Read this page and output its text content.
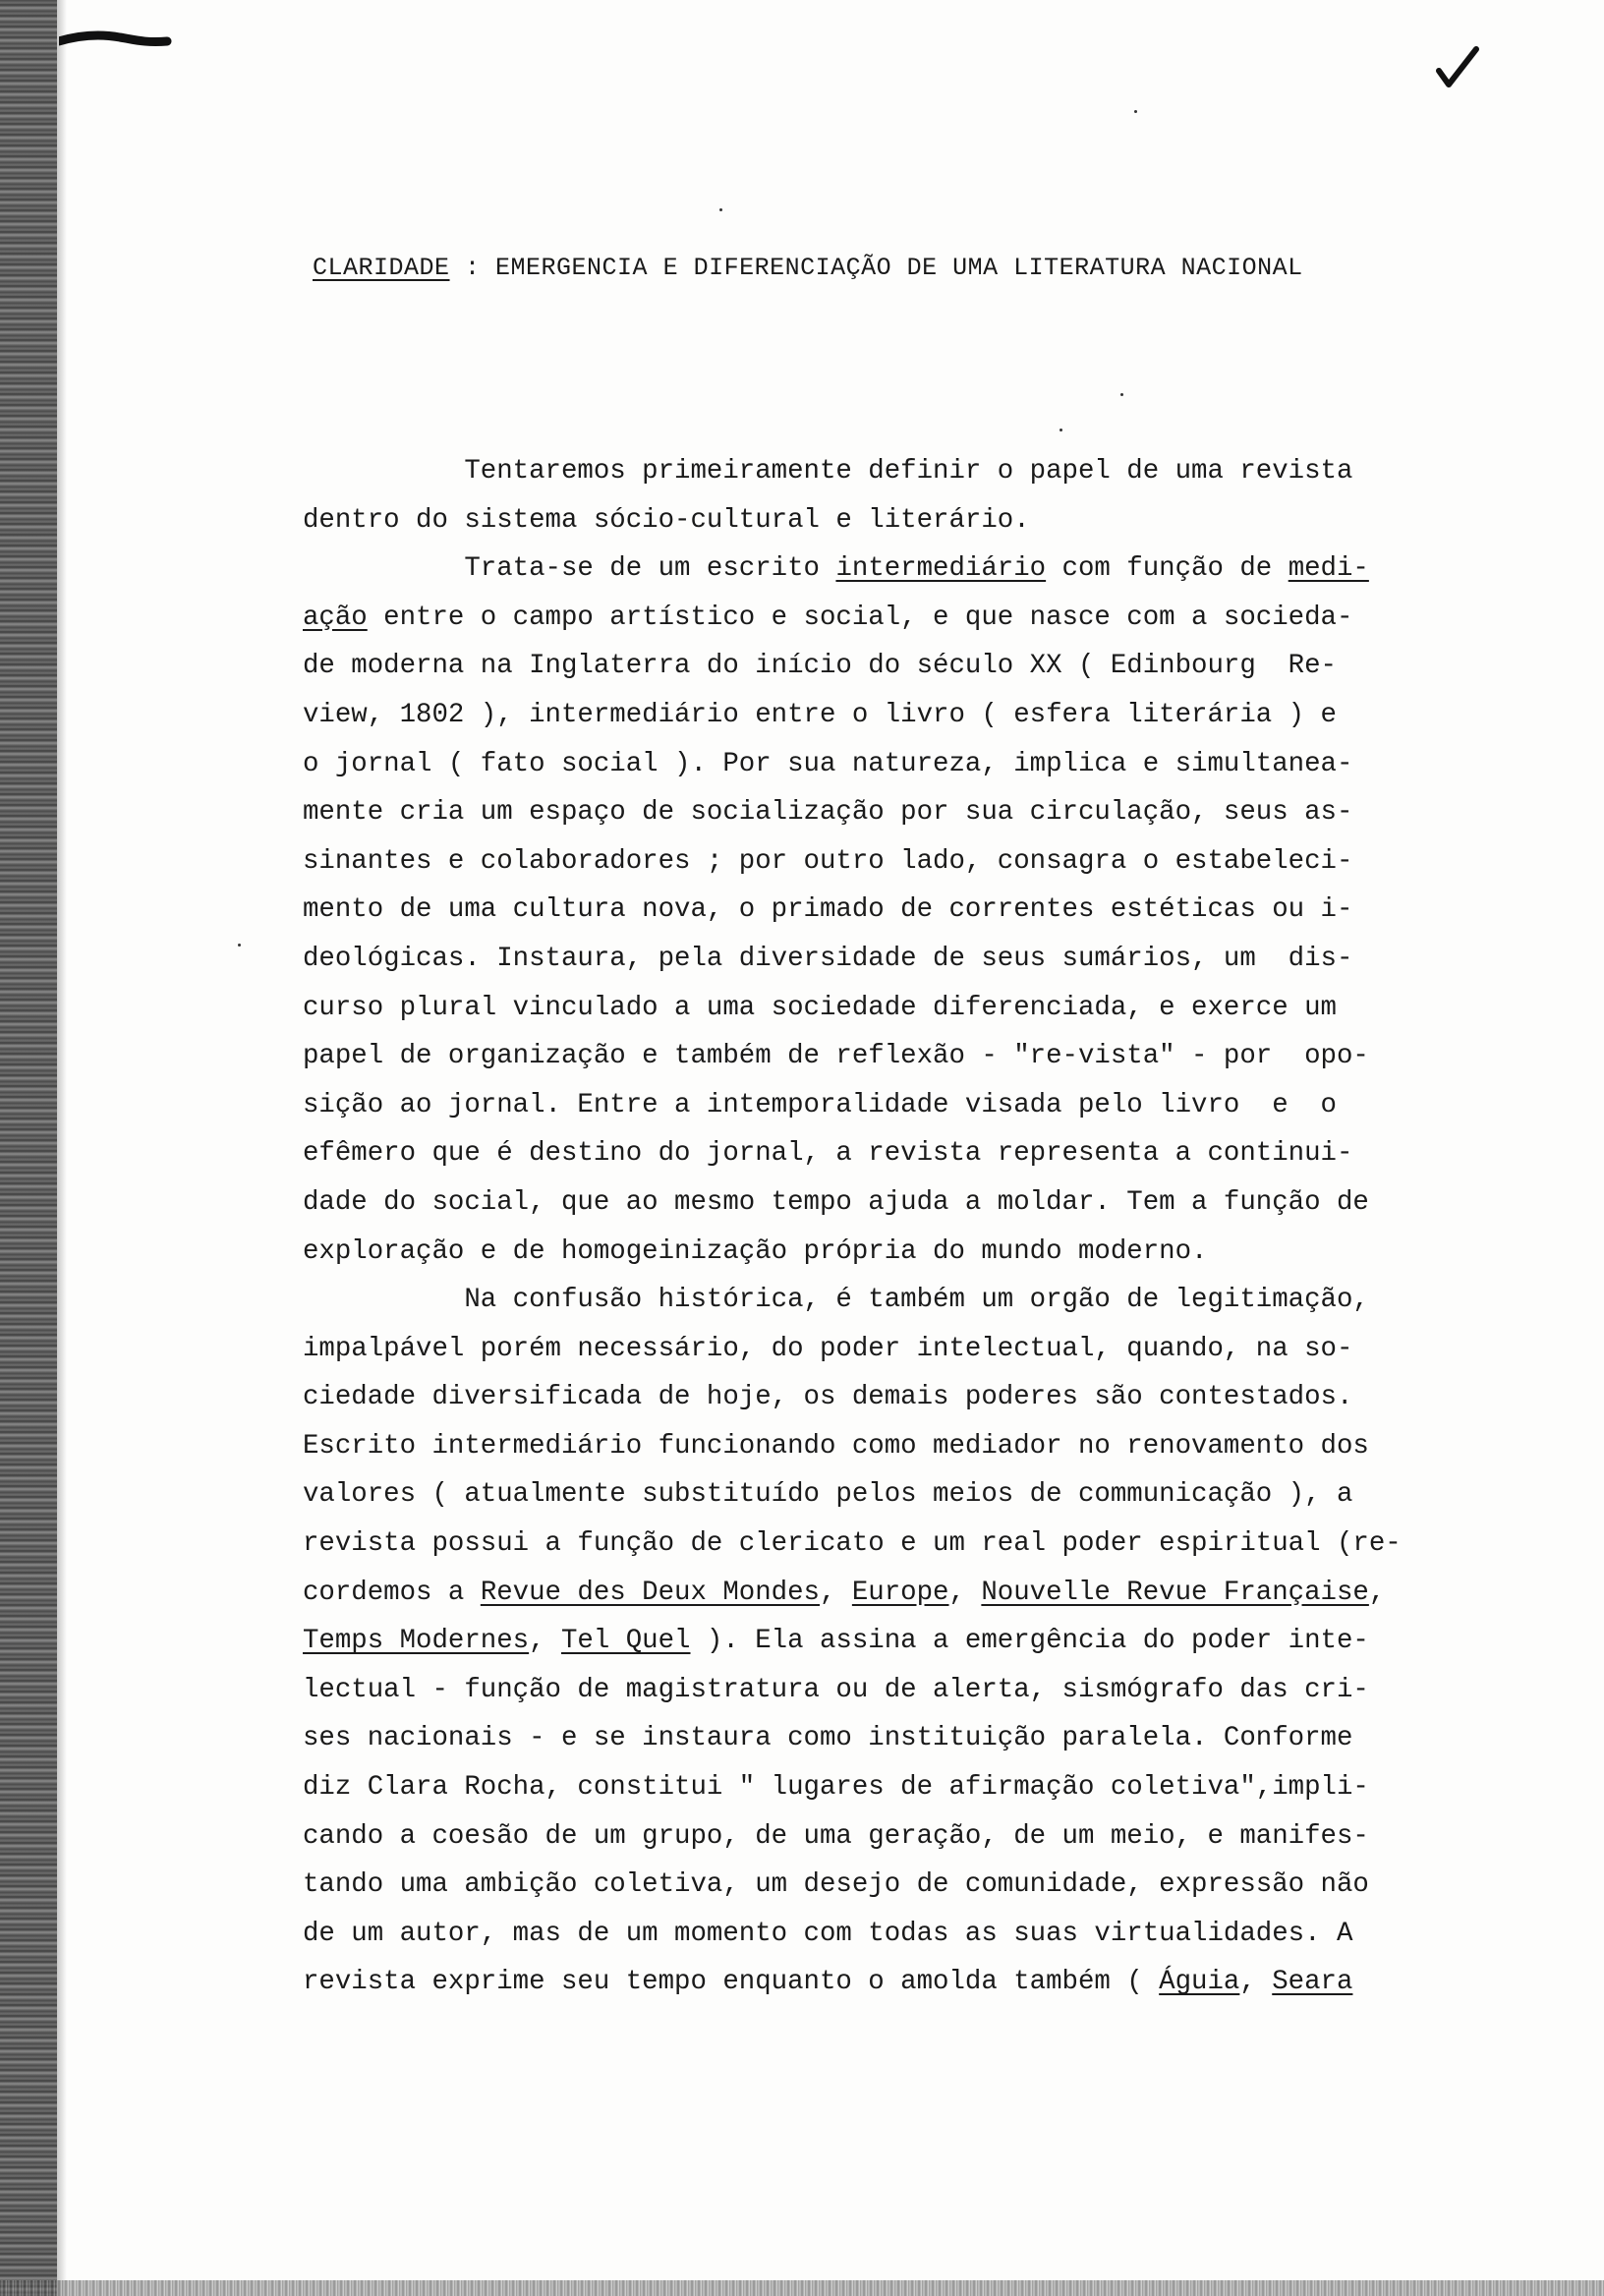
CLARIDADE : EMERGENCIA E DIFERENCIAÇÃO DE UMA LITERATURA NACIONAL
Tentaremos primeiramente definir o papel de uma revista
dentro do sistema sócio-cultural e literário.
Trata-se de um escrito intermediário com função de medi-
ação entre o campo artístico e social, e que nasce com a socieda-
de moderna na Inglaterra do início do século XX ( Edinbourg  Re-
view, 1802 ), intermediário entre o livro ( esfera literária ) e
o jornal ( fato social ). Por sua natureza, implica e simultanea-
mente cria um espaço de socialização por sua circulação, seus as-
sinantes e colaboradores ; por outro lado, consagra o estabeleci-
mento de uma cultura nova, o primado de correntes estéticas ou i-
deológicas. Instaura, pela diversidade de seus sumários, um  dis-
curso plural vinculado a uma sociedade diferenciada, e exerce um
papel de organização e também de reflexão - "re-vista" - por  opo-
sição ao jornal. Entre a intemporalidade visada pelo livro  e  o
efêmero que é destino do jornal, a revista representa a continui-
dade do social, que ao mesmo tempo ajuda a moldar. Tem a função de
exploração e de homogeinização própria do mundo moderno.
Na confusão histórica, é também um orgão de legitimação,
impalpável porém necessário, do poder intelectual, quando, na so-
ciedade diversificada de hoje, os demais poderes são contestados.
Escrito intermediário funcionando como mediador no renovamento dos
valores ( atualmente substituído pelos meios de communicação ), a
revista possui a função de clericato e um real poder espiritual (re-
cordemos a Revue des Deux Mondes, Europe, Nouvelle Revue Française,
Temps Modernes, Tel Quel ). Ela assina a emergência do poder inte-
lectual - função de magistratura ou de alerta, sismógrafo das cri-
ses nacionais - e se instaura como instituição paralela. Conforme
diz Clara Rocha, constitui " lugares de afirmação coletiva",impli-
cando a coesão de um grupo, de uma geração, de um meio, e manifes-
tando uma ambição coletiva, um desejo de comunidade, expressão não
de um autor, mas de um momento com todas as suas virtualidades. A
revista exprime seu tempo enquanto o amolda também ( Águia, Seara
